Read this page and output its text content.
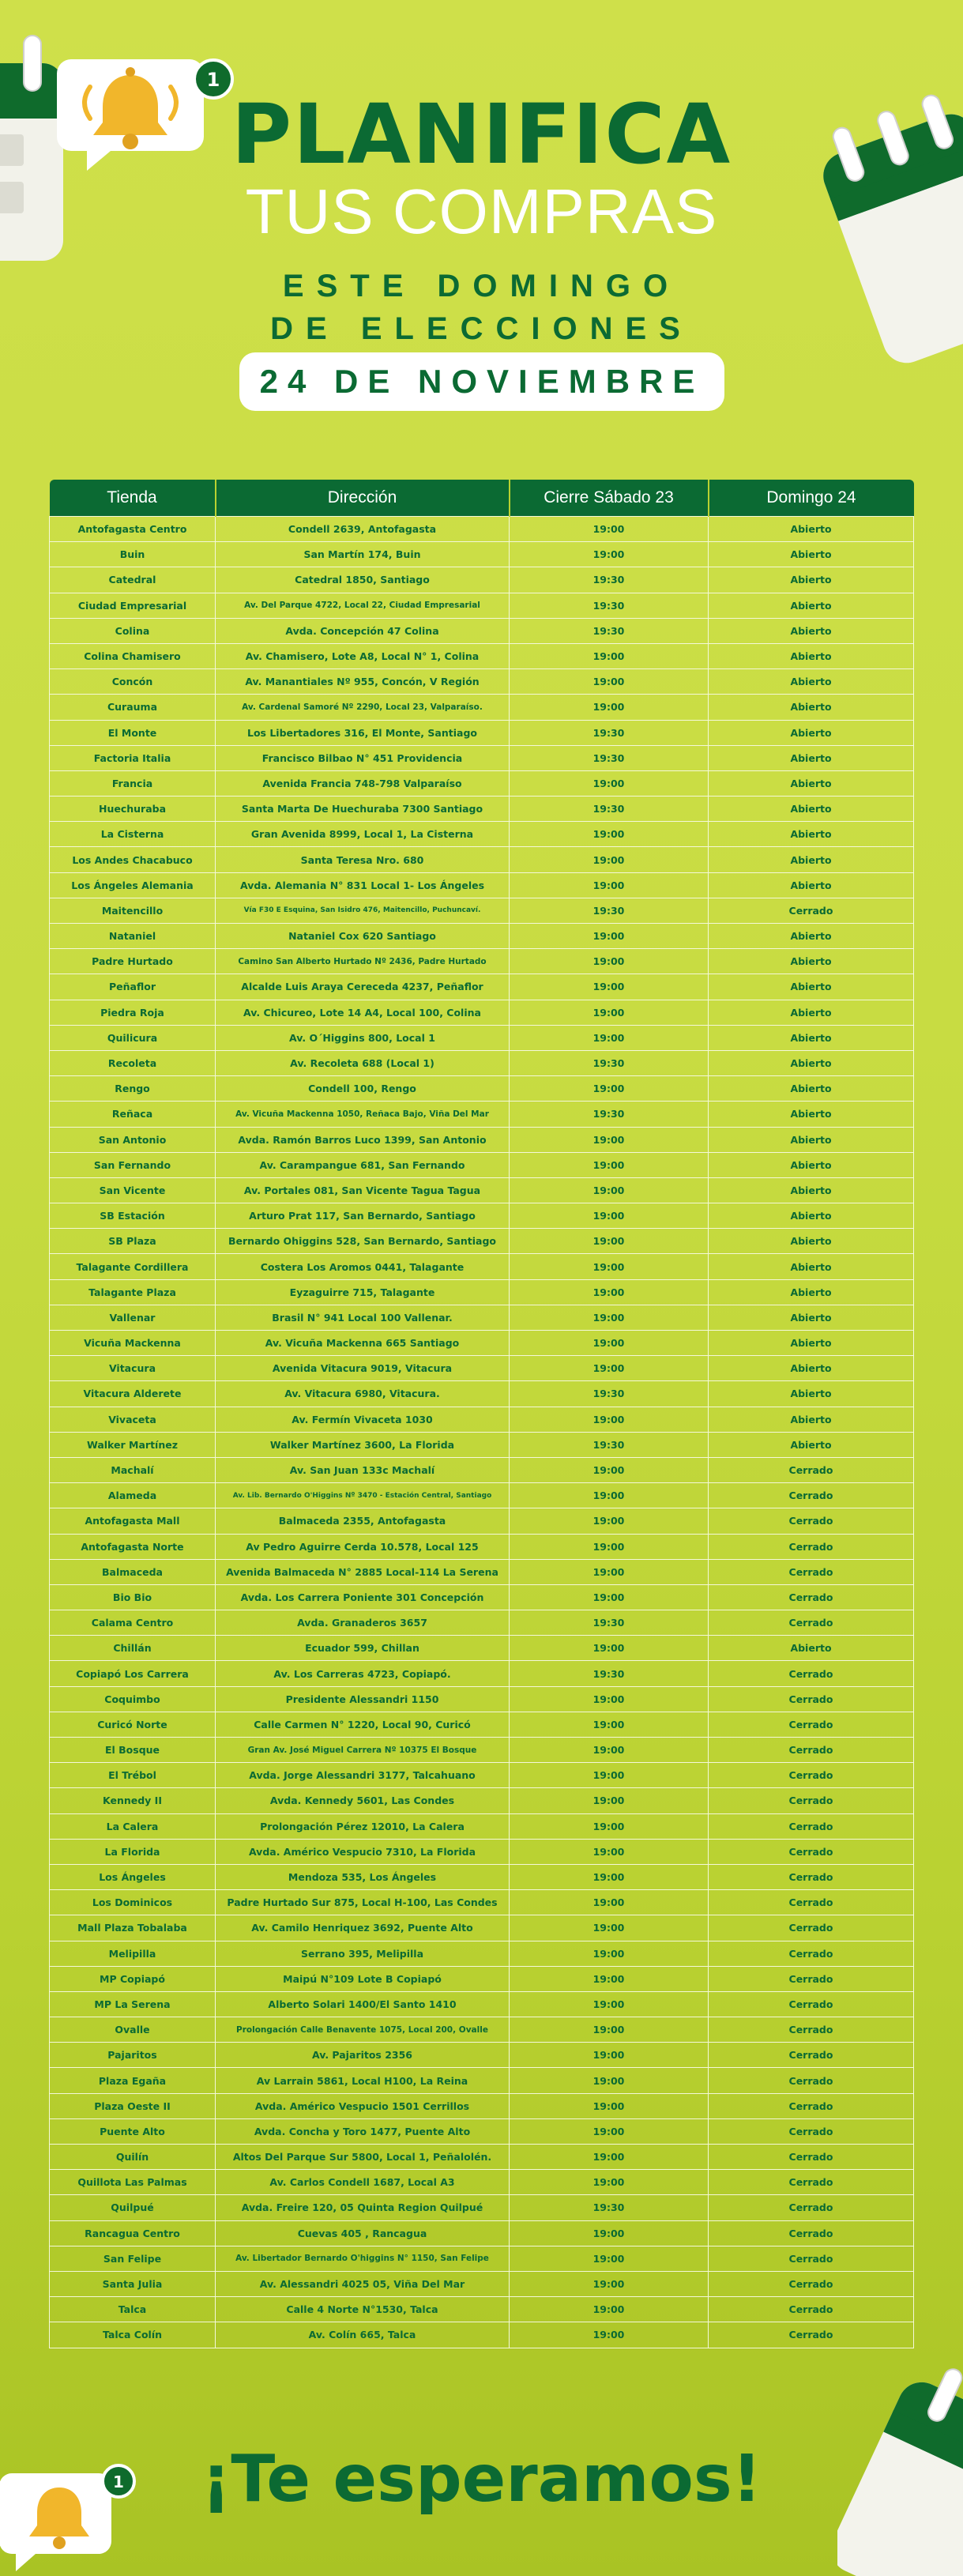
1
PLANIFICA
TUS COMPRAS
ESTE DOMINGO
DE ELECCIONES
24 DE NOVIEMBRE
Tienda	Dirección	Cierre Sábado 23	Domingo 24
Antofagasta Centro	Condell 2639, Antofagasta	19:00	Abierto
Buin	San Martín 174, Buin	19:00	Abierto
Catedral	Catedral 1850, Santiago	19:30	Abierto
Ciudad Empresarial	Av. Del Parque 4722, Local 22, Ciudad Empresarial	19:30	Abierto
Colina	Avda. Concepción 47 Colina	19:30	Abierto
Colina Chamisero	Av. Chamisero, Lote A8, Local N° 1, Colina	19:00	Abierto
Concón	Av. Manantiales Nº 955, Concón, V Región	19:00	Abierto
Curauma	Av. Cardenal Samoré Nº 2290, Local 23, Valparaíso.	19:00	Abierto
El Monte	Los Libertadores 316, El Monte, Santiago	19:30	Abierto
Factoria Italia	Francisco Bilbao N° 451 Providencia	19:30	Abierto
Francia	Avenida Francia 748-798 Valparaíso	19:00	Abierto
Huechuraba	Santa Marta De Huechuraba 7300 Santiago	19:30	Abierto
La Cisterna	Gran Avenida 8999, Local 1, La Cisterna	19:00	Abierto
Los Andes Chacabuco	Santa Teresa Nro. 680	19:00	Abierto
Los Ángeles Alemania	Avda. Alemania N° 831 Local 1- Los Ángeles	19:00	Abierto
Maitencillo	Vía F30 E Esquina, San Isidro 476, Maitencillo, Puchuncaví.	19:30	Cerrado
Nataniel	Nataniel Cox 620 Santiago	19:00	Abierto
Padre Hurtado	Camino San Alberto Hurtado Nº 2436, Padre Hurtado	19:00	Abierto
Peñaflor	Alcalde Luis Araya Cereceda 4237, Peñaflor	19:00	Abierto
Piedra Roja	Av. Chicureo, Lote 14 A4, Local 100, Colina	19:00	Abierto
Quilicura	Av. O´Higgins 800, Local 1	19:00	Abierto
Recoleta	Av. Recoleta 688 (Local 1)	19:30	Abierto
Rengo	Condell 100, Rengo	19:00	Abierto
Reñaca	Av. Vicuña Mackenna 1050, Reñaca Bajo, Viña Del Mar	19:30	Abierto
San Antonio	Avda. Ramón Barros Luco 1399, San Antonio	19:00	Abierto
San Fernando	Av. Carampangue 681, San Fernando	19:00	Abierto
San Vicente	Av. Portales 081, San Vicente Tagua Tagua	19:00	Abierto
SB Estación	Arturo Prat 117, San Bernardo, Santiago	19:00	Abierto
SB Plaza	Bernardo Ohiggins 528, San Bernardo, Santiago	19:00	Abierto
Talagante Cordillera	Costera Los Aromos 0441, Talagante	19:00	Abierto
Talagante Plaza	Eyzaguirre 715, Talagante	19:00	Abierto
Vallenar	Brasil N° 941 Local 100 Vallenar.	19:00	Abierto
Vicuña Mackenna	Av. Vicuña Mackenna 665 Santiago	19:00	Abierto
Vitacura	Avenida Vitacura 9019, Vitacura	19:00	Abierto
Vitacura Alderete	Av. Vitacura 6980, Vitacura.	19:30	Abierto
Vivaceta	Av. Fermín Vivaceta 1030	19:00	Abierto
Walker Martínez	Walker Martínez 3600, La Florida	19:30	Abierto
Machalí	Av. San Juan 133c Machalí	19:00	Cerrado
Alameda	Av. Lib. Bernardo O'Higgins Nº 3470 - Estación Central, Santiago	19:00	Cerrado
Antofagasta Mall	Balmaceda 2355, Antofagasta	19:00	Cerrado
Antofagasta Norte	Av Pedro Aguirre Cerda 10.578, Local 125	19:00	Cerrado
Balmaceda	Avenida Balmaceda N° 2885 Local-114 La Serena	19:00	Cerrado
Bio Bio	Avda. Los Carrera Poniente 301 Concepción	19:00	Cerrado
Calama Centro	Avda. Granaderos 3657	19:30	Cerrado
Chillán	Ecuador 599, Chillan	19:00	Abierto
Copiapó Los Carrera	Av. Los Carreras 4723, Copiapó.	19:30	Cerrado
Coquimbo	Presidente Alessandri 1150	19:00	Cerrado
Curicó Norte	Calle Carmen N° 1220, Local 90, Curicó	19:00	Cerrado
El Bosque	Gran Av. José Miguel Carrera Nº 10375 El Bosque	19:00	Cerrado
El Trébol	Avda. Jorge Alessandri 3177, Talcahuano	19:00	Cerrado
Kennedy II	Avda. Kennedy 5601, Las Condes	19:00	Cerrado
La Calera	Prolongación Pérez 12010, La Calera	19:00	Cerrado
La Florida	Avda. Américo Vespucio 7310, La Florida	19:00	Cerrado
Los Ángeles	Mendoza 535, Los Ángeles	19:00	Cerrado
Los Dominicos	Padre Hurtado Sur 875, Local H-100, Las Condes	19:00	Cerrado
Mall Plaza Tobalaba	Av. Camilo Henriquez 3692, Puente Alto	19:00	Cerrado
Melipilla	Serrano 395, Melipilla	19:00	Cerrado
MP Copiapó	Maipú N°109 Lote B Copiapó	19:00	Cerrado
MP La Serena	Alberto Solari 1400/El Santo 1410	19:00	Cerrado
Ovalle	Prolongación Calle Benavente 1075, Local 200, Ovalle	19:00	Cerrado
Pajaritos	Av. Pajaritos 2356	19:00	Cerrado
Plaza Egaña	Av Larrain 5861, Local H100, La Reina	19:00	Cerrado
Plaza Oeste II	Avda. Américo Vespucio 1501 Cerrillos	19:00	Cerrado
Puente Alto	Avda. Concha y Toro 1477, Puente Alto	19:00	Cerrado
Quilín	Altos Del Parque Sur 5800, Local 1, Peñalolén.	19:00	Cerrado
Quillota Las Palmas	Av. Carlos Condell 1687, Local A3	19:00	Cerrado
Quilpué	Avda. Freire 120, 05 Quinta Region Quilpué	19:30	Cerrado
Rancagua Centro	Cuevas 405 , Rancagua	19:00	Cerrado
San Felipe	Av. Libertador Bernardo O'higgins N° 1150, San Felipe	19:00	Cerrado
Santa Julia	Av. Alessandri 4025 05, Viña Del Mar	19:00	Cerrado
Talca	Calle 4 Norte N°1530, Talca	19:00	Cerrado
Talca Colín	Av. Colín 665, Talca	19:00	Cerrado
1	¡Te esperamos!
